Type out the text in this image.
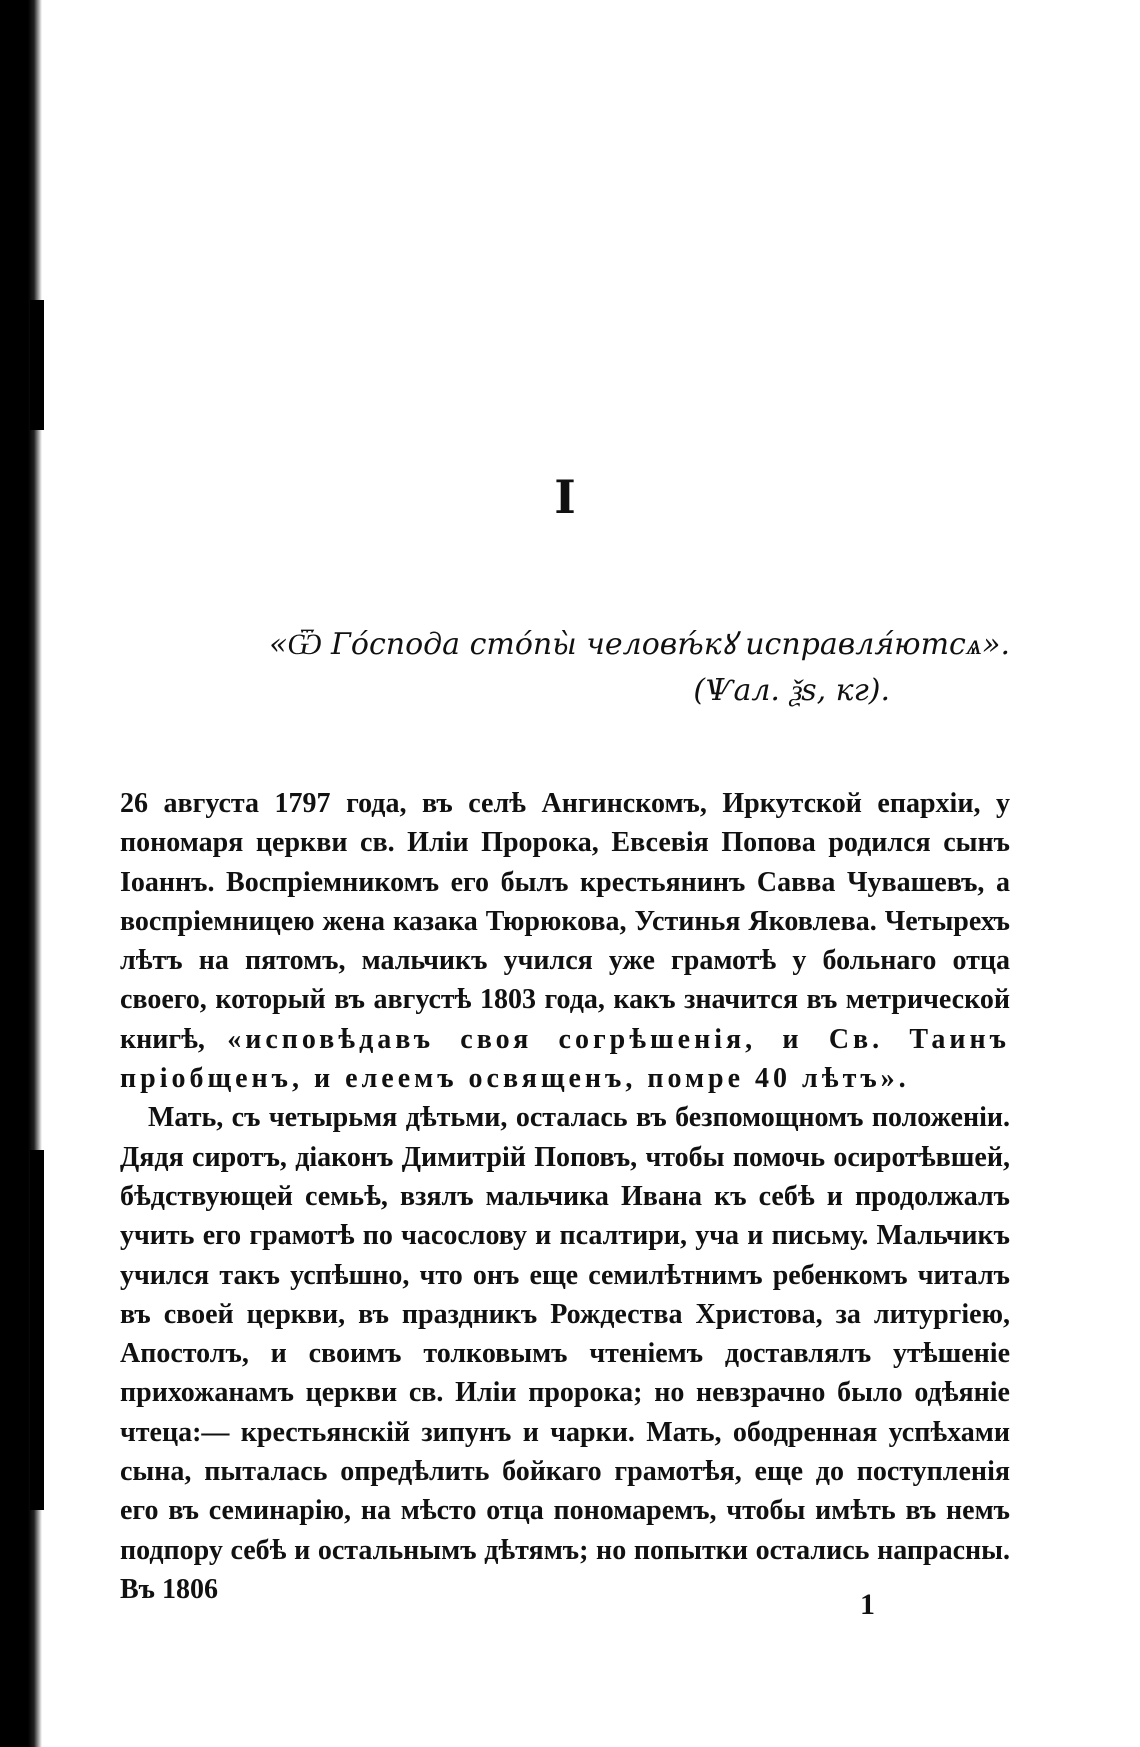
I
«Ѿ Го́спода сто́пы̀ человѣ́кꙋ исправля́ютсѧ».
(Ѱал. ѯѕ, кг).

26 августа 1797 года, въ селѣ Ангинскомъ, Иркутской епархіи, у пономаря церкви св. Иліи Пророка, Евсевія Попова родился сынъ Іоаннъ. Воспріемникомъ его былъ крестьянинъ Савва Чувашевъ, а воспріемницею жена казака Тюрюкова, Устинья Яковлева. Четырехъ лѣтъ на пятомъ, мальчикъ учился уже грамотѣ у больнаго отца своего, который въ августѣ 1803 года, какъ значится въ метрической книгѣ, «исповѣдавъ своя согрѣшенія, и Св. Таинъ пріобщенъ, и елеемъ освященъ, помре 40 лѣтъ».

Мать, съ четырьмя дѣтьми, осталась въ безпомощномъ положеніи. Дядя сиротъ, діаконъ Димитрій Поповъ, чтобы помочь осиротѣвшей, бѣдствующей семьѣ, взялъ мальчика Ивана къ себѣ и продолжалъ учить его грамотѣ по часослову и псалтири, уча и письму. Мальчикъ учился такъ успѣшно, что онъ еще семилѣтнимъ ребенкомъ читалъ въ своей церкви, въ праздникъ Рождества Христова, за литургіею, Апостолъ, и своимъ толковымъ чтеніемъ доставлялъ утѣшеніе прихожанамъ церкви св. Иліи пророка; но невзрачно было одѣяніе чтеца:— крестьянскій зипунъ и чарки. Мать, ободренная успѣхами сына, пыталась опредѣлить бойкаго грамотѣя, еще до поступленія его въ семинарію, на мѣсто отца пономаремъ, чтобы имѣть въ немъ подпору себѣ и остальнымъ дѣтямъ; но попытки остались напрасны. Въ 1806	1
